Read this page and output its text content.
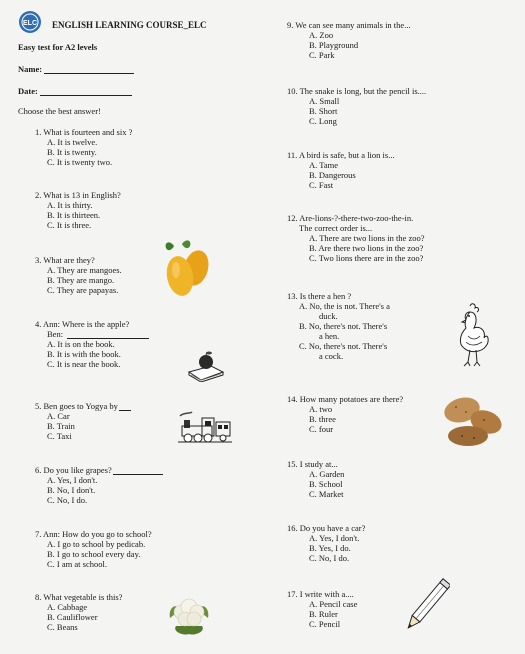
ELC ENGLISH LEARNING COURSE_ELC
Easy test for A2 levels
Name:
Date:
Choose the best answer!
1. What is fourteen and six ?
A. It is twelve.
B. It is twenty.
C. It is twenty two.
2. What is 13 in English?
A. It is thirty.
B. It is thirteen.
C. It is three.
3. What are they?
A. They are mangoes.
B. They are mango.
C. They are papayas.
4. Ann: Where is the apple?
Ben:
A. It is on the book.
B. It is with the book.
C. It is near the book.
5. Ben goes to Yogya by
A. Car
B. Train
C. Taxi
6. Do you like grapes?
A. Yes, I don't.
B. No, I don't.
C. No, I do.
7. Ann: How do you go to school?
A. I go to school by pedicab.
B. I go to school every day.
C. I am at school.
8. What vegetable is this?
A. Cabbage
B. Cauliflower
C. Beans
9. We can see many animals in the...
A. Zoo
B. Playground
C. Park
10. The snake is long, but the pencil is....
A. Small
B. Short
C. Long
11. A bird is safe, but a lion is...
A. Tame
B. Dangerous
C. Fast
12. Are-lions-?-there-two-zoo-the-in.
The correct order is...
A. There are two lions in the zoo?
B. Are there two lions in the zoo?
C. Two lions there are in the zoo?
13. Is there a hen ?
A. No, the is not. There's a
duck.
B. No, there's not. There's
a hen.
C. No, there's not. There's
a cock.
14. How many potatoes are there?
A. two
B. three
C. four
15. I study at...
A. Garden
B. School
C. Market
16. Do you have a car?
A. Yes, I don't.
B. Yes, I do.
C. No, I do.
17. I write with a....
A. Pencil case
B. Ruler
C. Pencil
